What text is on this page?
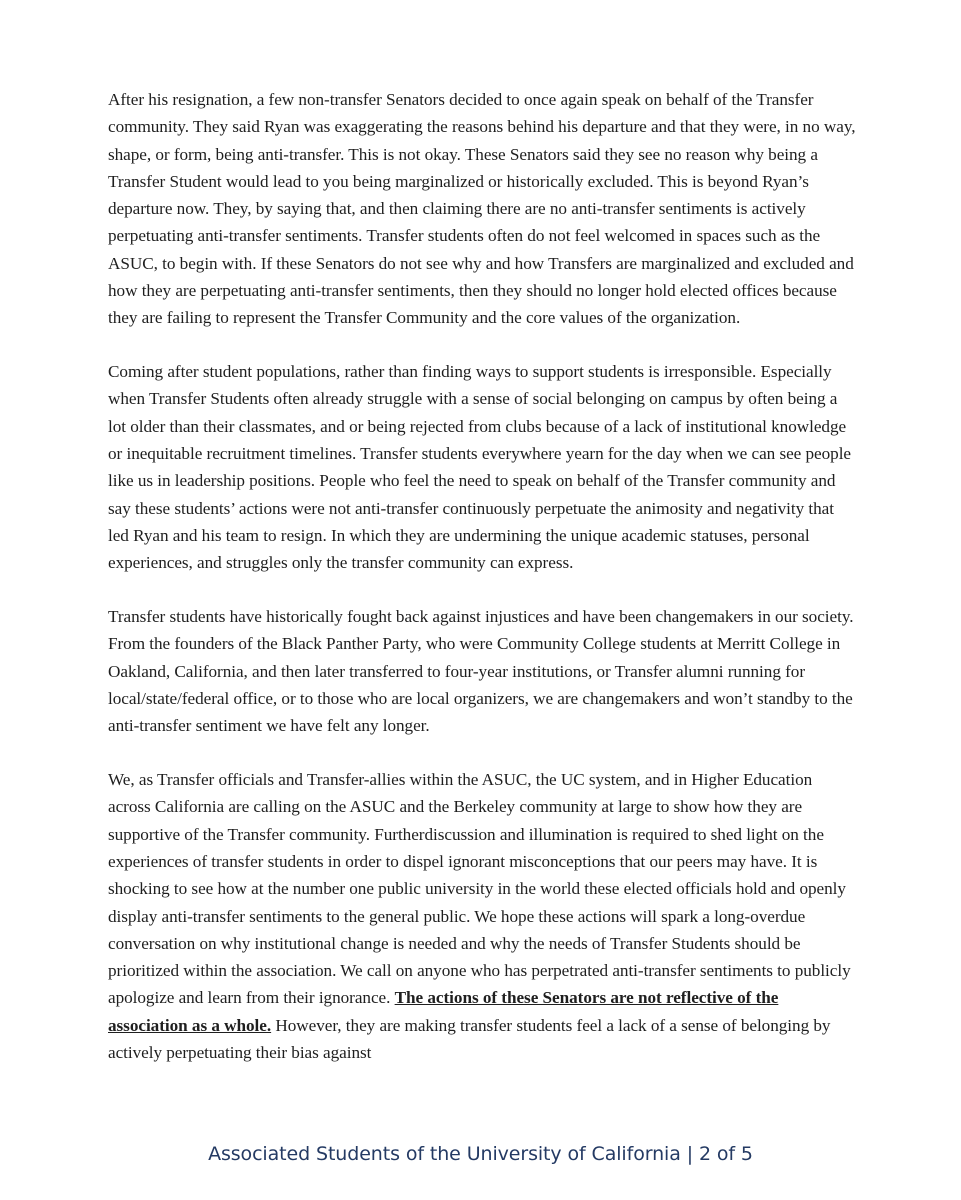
After his resignation, a few non-transfer Senators decided to once again speak on behalf of the Transfer community. They said Ryan was exaggerating the reasons behind his departure and that they were, in no way, shape, or form, being anti-transfer. This is not okay. These Senators said they see no reason why being a Transfer Student would lead to you being marginalized or historically excluded. This is beyond Ryan’s departure now. They, by saying that, and then claiming there are no anti-transfer sentiments is actively perpetuating anti-transfer sentiments. Transfer students often do not feel welcomed in spaces such as the ASUC, to begin with. If these Senators do not see why and how Transfers are marginalized and excluded and how they are perpetuating anti-transfer sentiments, then they should no longer hold elected offices because they are failing to represent the Transfer Community and the core values of the organization.

Coming after student populations, rather than finding ways to support students is irresponsible. Especially when Transfer Students often already struggle with a sense of social belonging on campus by often being a lot older than their classmates, and or being rejected from clubs because of a lack of institutional knowledge or inequitable recruitment timelines. Transfer students everywhere yearn for the day when we can see people like us in leadership positions. People who feel the need to speak on behalf of the Transfer community and say these students’ actions were not anti-transfer continuously perpetuate the animosity and negativity that led Ryan and his team to resign. In which they are undermining the unique academic statuses, personal experiences, and struggles only the transfer community can express.

Transfer students have historically fought back against injustices and have been changemakers in our society. From the founders of the Black Panther Party, who were Community College students at Merritt College in Oakland, California, and then later transferred to four-year institutions, or Transfer alumni running for local/state/federal office, or to those who are local organizers, we are changemakers and won’t standby to the anti-transfer sentiment we have felt any longer.

We, as Transfer officials and Transfer-allies within the ASUC, the UC system, and in Higher Education across California are calling on the ASUC and the Berkeley community at large to show how they are supportive of the Transfer community. Furtherdiscussion and illumination is required to shed light on the experiences of transfer students in order to dispel ignorant misconceptions that our peers may have. It is shocking to see how at the number one public university in the world these elected officials hold and openly display anti-transfer sentiments to the general public. We hope these actions will spark a long-overdue conversation on why institutional change is needed and why the needs of Transfer Students should be prioritized within the association. We call on anyone who has perpetrated anti-transfer sentiments to publicly apologize and learn from their ignorance. The actions of these Senators are not reflective of the association as a whole. However, they are making transfer students feel a lack of a sense of belonging by actively perpetuating their bias against

Associated Students of the University of California | 2 of 5
